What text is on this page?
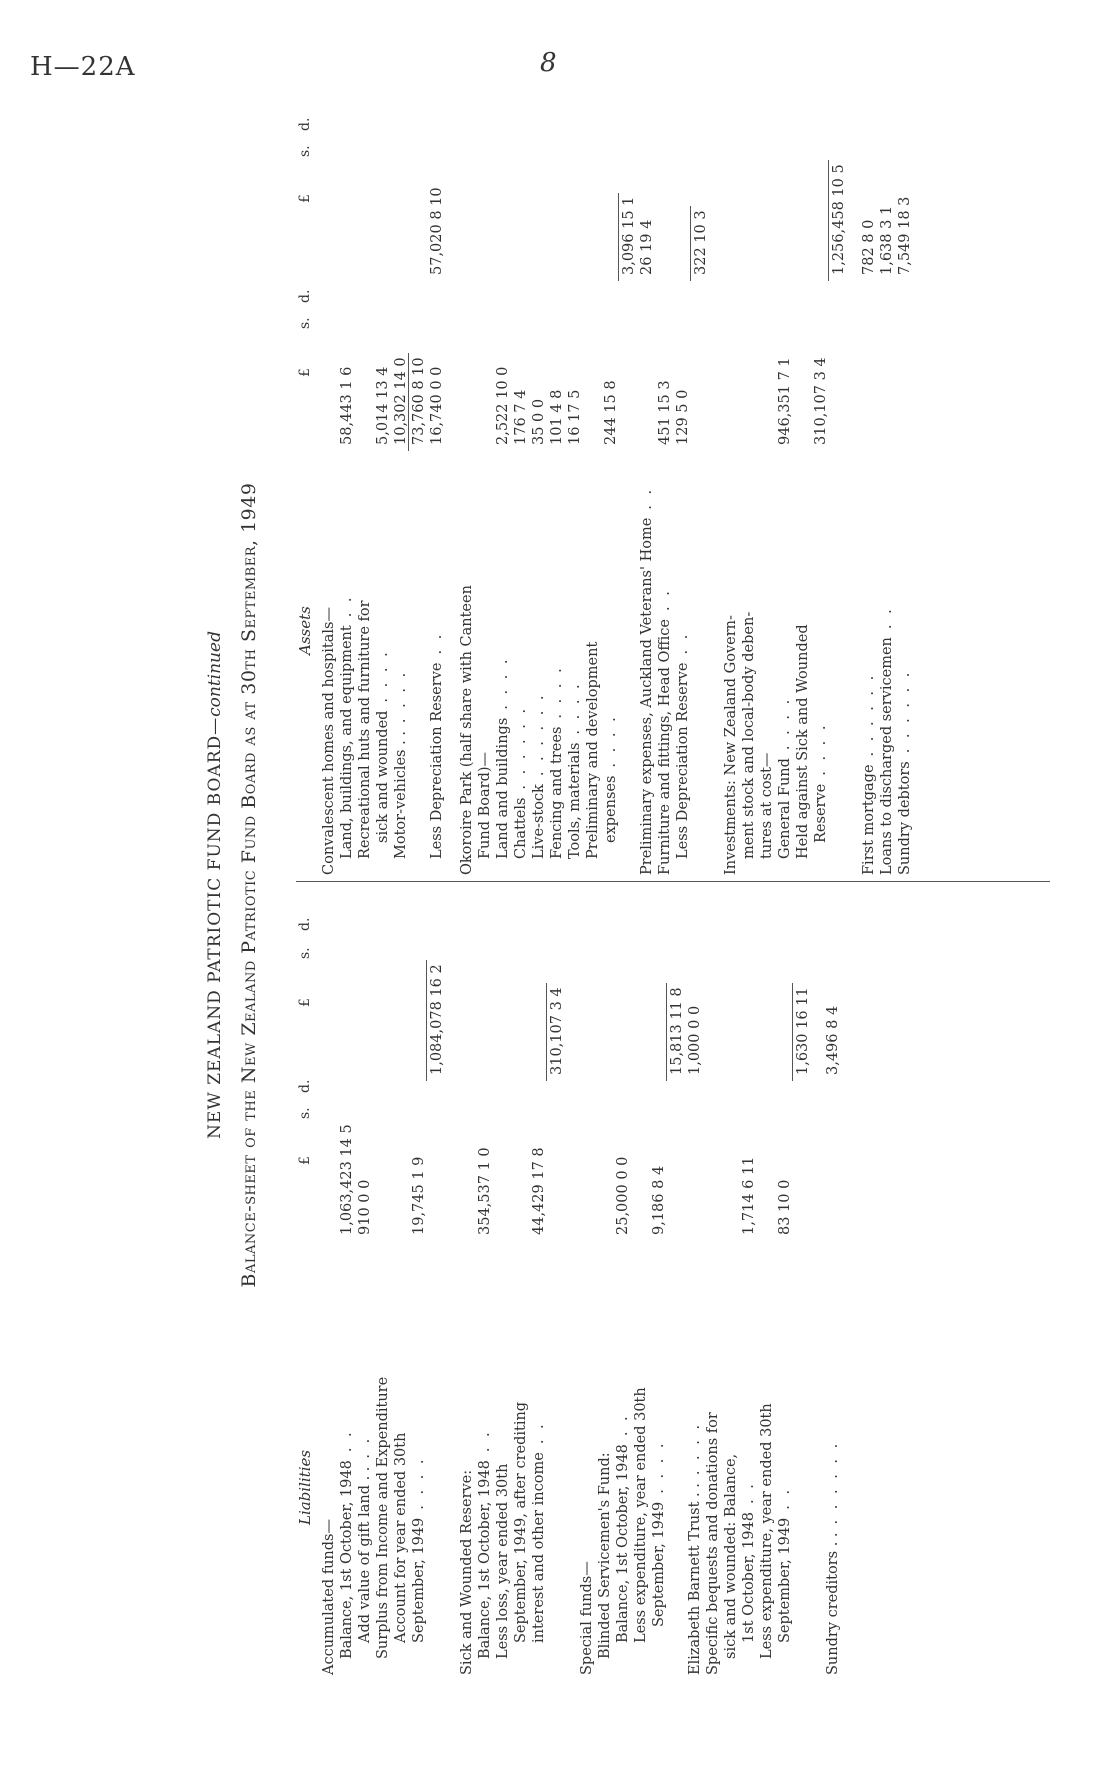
H—22A	8
NEW ZEALAND PATRIOTIC FUND BOARD—continued Balance-sheet of the New Zealand Patriotic Fund Board as at 30th September, 1949
Liabilities
£
s.
d.
£
s.
d.
Accumulated funds— Balance, 1st October, 1948. .
1,063,423 14 5
Add value of gift land . .. .
910 0 0
Surplus from Income and Expenditure Account for year ended 30th September, 1949. . . .
19,745 1 9
1,084,078 16 2
Sick and Wounded Reserve: Balance, 1st October, 1948. .
354,537 1 0
Less loss, year ended 30th September, 1949, after crediting interest and other income. .
44,429 17 8
310,107 3 4
Special funds— Blinded Servicemen's Fund: Balance, 1st October, 1948. .
25,000 0 0
Less expenditure, year ended 30th September, 1949. . . .
9,186 8 4
15,813 11 8
Elizabeth Barnett Trust . .. . . .
1,000 0 0
Specific bequests and donations for sick and wounded: Balance, 1st October, 1948. .
1,714 6 11
Less expenditure, year ended 30th September, 1949. .
83 10 0
1,630 16 11
Sundry creditors . .. . . . . .
3,496 8 4
Assets
£
s.
d.
£
s.
d.
Convalescent homes and hospitals— Land, buildings, and equipment. .
58,443 1 6
Recreational huts and furniture for sick and wounded. . . .
5,014 13 4
Motor-vehicles . .. . . .
10,302 14 0 73,760 8 10
Less Depreciation Reserve. .
16,740 0 0
57,020 8 10
Okoroire Park (half share with Canteen Fund Board)— Land and buildings. . . .
2,522 10 0
Chattels. . . . . .
176 7 4
Live-stock. . . . . .
35 0 0
Fencing and trees. . . .
101 4 8
Tools, materials. . . .
16 17 5
Preliminary and development expenses. . . .
244 15 8
3,096 15 1
Preliminary expenses, Auckland Veterans' Home. .
26 19 4
Furniture and fittings, Head Office. .
451 15 3
Less Depreciation Reserve. .
129 5 0
322 10 3
Investments: New Zealand Govern- ment stock and local-body deben- tures at cost— General Fund. . . .
946,351 7 1
Held against Sick and Wounded Reserve. . . .
310,107 3 4
1,256,458 10 5
First mortgage. . . . . .
782 8 0
Loans to discharged servicemen. .
1,638 3 1
Sundry debtors. . . . . .
7,549 18 3
